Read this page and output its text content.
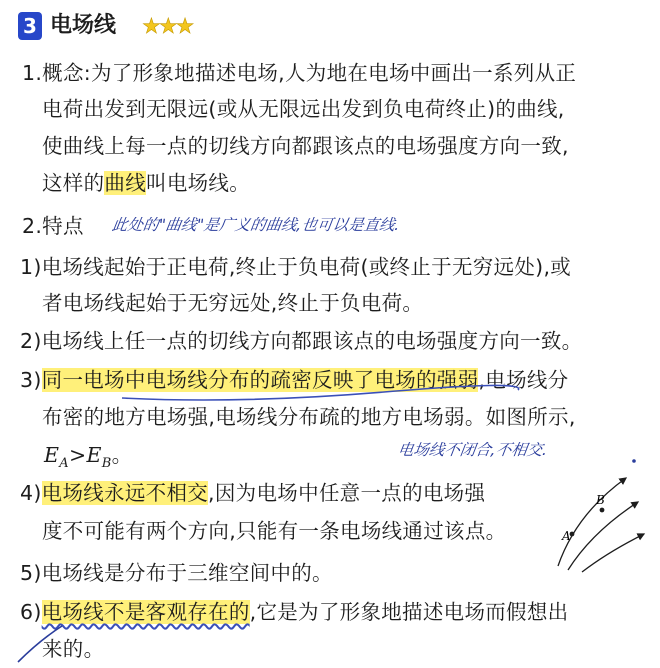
3 电场线 ★★★
1.概念:为了形象地描述电场,人为地在电场中画出一系列从正
电荷出发到无限远(或从无限远出发到负电荷终止)的曲线,
使曲线上每一点的切线方向都跟该点的电场强度方向一致,
这样的曲线叫电场线。
2.特点 此处的"曲线"是广义的曲线,也可以是直线.
1)电场线起始于正电荷,终止于负电荷(或终止于无穷远处),或
者电场线起始于无穷远处,终止于负电荷。
2)电场线上任一点的切线方向都跟该点的电场强度方向一致。
3)同一电场中电场线分布的疏密反映了电场的强弱,电场线分
布密的地方电场强,电场线分布疏的地方电场弱。如图所示,
$E_A>E_B$。	电场线不闭合,不相交.
4)电场线永远不相交,因为电场中任意一点的电场强
度不可能有两个方向,只能有一条电场线通过该点。
5)电场线是分布于三维空间中的。
6)电场线不是客观存在的,它是为了形象地描述电场而假想出
来的。
A
B
